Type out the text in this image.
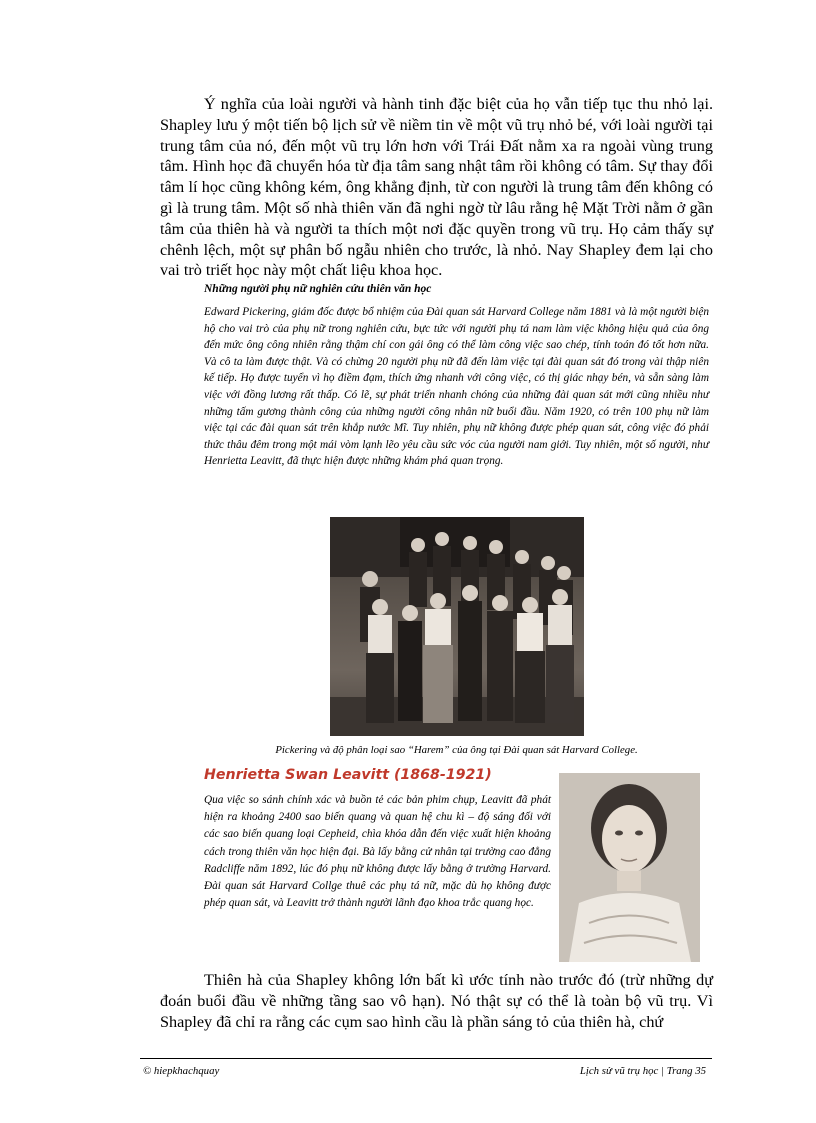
Ý nghĩa của loài người và hành tinh đặc biệt của họ vẫn tiếp tục thu nhỏ lại. Shapley lưu ý một tiến bộ lịch sử về niềm tin về một vũ trụ nhỏ bé, với loài người tại trung tâm của nó, đến một vũ trụ lớn hơn với Trái Đất nằm xa ra ngoài vùng trung tâm. Hình học đã chuyển hóa từ địa tâm sang nhật tâm rồi không có tâm. Sự thay đổi tâm lí học cũng không kém, ông khẳng định, từ con người là trung tâm đến không có gì là trung tâm. Một số nhà thiên văn đã nghi ngờ từ lâu rằng hệ Mặt Trời nằm ở gần tâm của thiên hà và người ta thích một nơi đặc quyền trong vũ trụ. Họ cảm thấy sự chênh lệch, một sự phân bố ngẫu nhiên cho trước, là nhỏ. Nay Shapley đem lại cho vai trò triết học này một chất liệu khoa học.

Những người phụ nữ nghiên cứu thiên văn học

Edward Pickering, giám đốc được bổ nhiệm của Đài quan sát Harvard College năm 1881 và là một người biện hộ cho vai trò của phụ nữ trong nghiên cứu, bực tức với người phụ tá nam làm việc không hiệu quả của ông đến mức ông công nhiên rằng thậm chí con gái ông có thể làm công việc sao chép, tính toán đó tốt hơn nữa. Và cô ta làm được thật. Và có chừng 20 người phụ nữ đã đến làm việc tại đài quan sát đó trong vài thập niên kế tiếp. Họ được tuyển vì họ điềm đạm, thích ứng nhanh với công việc, có thị giác nhạy bén, và sẵn sàng làm việc với đồng lương rất thấp. Có lẽ, sự phát triển nhanh chóng của những đài quan sát mới cũng nhiều như những tấm gương thành công của những người công nhân nữ buổi đầu. Năm 1920, có trên 100 phụ nữ làm việc tại các đài quan sát trên khắp nước Mĩ. Tuy nhiên, phụ nữ không được phép quan sát, công việc đó phải thức thâu đêm trong một mái vòm lạnh lẽo yêu cầu sức vóc của người nam giới. Tuy nhiên, một số người, như Henrietta Leavitt, đã thực hiện được những khám phá quan trọng.

Pickering và độ phân loại sao “Harem” của ông tại Đài quan sát Harvard College.

Henrietta Swan Leavitt (1868-1921)

Qua việc so sánh chính xác và buồn tẻ các bản phim chụp, Leavitt đã phát hiện ra khoảng 2400 sao biến quang và quan hệ chu kì – độ sáng đối với các sao biến quang loại Cepheid, chìa khóa dẫn đến việc xuất hiện khoảng cách trong thiên văn học hiện đại. Bà lấy bằng cử nhân tại trường cao đẳng Radcliffe năm 1892, lúc đó phụ nữ không được lấy bằng ở trường Harvard. Đài quan sát Harvard Collge thuê các phụ tá nữ, mặc dù họ không được phép quan sát, và Leavitt trở thành người lãnh đạo khoa trắc quang học.

Thiên hà của Shapley không lớn bất kì ước tính nào trước đó (trừ những dự đoán buổi đầu về những tầng sao vô hạn). Nó thật sự có thể là toàn bộ vũ trụ. Vì Shapley đã chỉ ra rằng các cụm sao hình cầu là phần sáng tỏ của thiên hà, chứ

© hiepkhachquay	Lịch sử vũ trụ học | Trang 35
